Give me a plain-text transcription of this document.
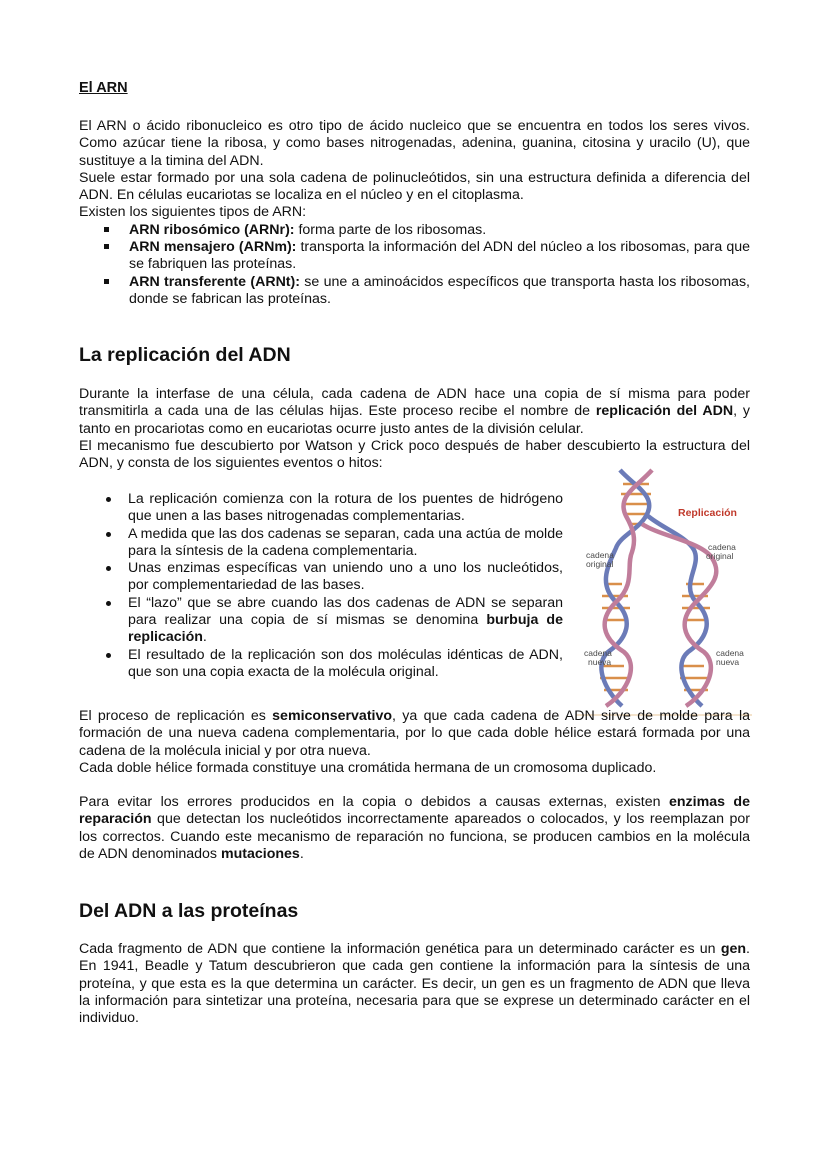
El ARN

El ARN o ácido ribonucleico es otro tipo de ácido nucleico que se encuentra en todos los seres vivos. Como azúcar tiene la ribosa, y como bases nitrogenadas, adenina, guanina, citosina y uracilo (U), que sustituye a la timina del ADN.

Suele estar formado por una sola cadena de polinucleótidos, sin una estructura definida a diferencia del ADN. En células eucariotas se localiza en el núcleo y en el citoplasma.

Existen los siguientes tipos de ARN:

ARN ribosómico (ARNr): forma parte de los ribosomas.
ARN mensajero (ARNm): transporta la información del ADN del núcleo a los ribosomas, para que se fabriquen las proteínas.
ARN transferente (ARNt): se une a aminoácidos específicos que transporta hasta los ribosomas, donde se fabrican las proteínas.
La replicación del ADN

Durante la interfase de una célula, cada cadena de ADN hace una copia de sí misma para poder transmitirla a cada una de las células hijas. Este proceso recibe el nombre de replicación del ADN, y tanto en procariotas como en eucariotas ocurre justo antes de la división celular.

El mecanismo fue descubierto por Watson y Crick poco después de haber descubierto la estructura del ADN, y consta de los siguientes eventos o hitos:

La replicación comienza con la rotura de los puentes de hidrógeno que unen a las bases nitrogenadas complementarias.
A medida que las dos cadenas se separan, cada una actúa de molde para la síntesis de la cadena complementaria.
Unas enzimas específicas van uniendo uno a uno los nucleótidos, por complementariedad de las bases.
El “lazo” que se abre cuando las dos cadenas de ADN se separan para realizar una copia de sí mismas se denomina burbuja de replicación.
El resultado de la replicación son dos moléculas idénticas de ADN, que son una copia exacta de la molécula original.
Replicación
cadena original
cadena original
cadena nueva
cadena nueva

El proceso de replicación es semiconservativo, ya que cada cadena de ADN sirve de molde para la formación de una nueva cadena complementaria, por lo que cada doble hélice estará formada por una cadena de la molécula inicial y por otra nueva.

Cada doble hélice formada constituye una cromátida hermana de un cromosoma duplicado.

Para evitar los errores producidos en la copia o debidos a causas externas, existen enzimas de reparación que detectan los nucleótidos incorrectamente apareados o colocados, y los reemplazan por los correctos. Cuando este mecanismo de reparación no funciona, se producen cambios en la molécula de ADN denominados mutaciones.

Del ADN a las proteínas

Cada fragmento de ADN que contiene la información genética para un determinado carácter es un gen. En 1941, Beadle y Tatum descubrieron que cada gen contiene la información para la síntesis de una proteína, y que esta es la que determina un carácter. Es decir, un gen es un fragmento de ADN que lleva la información para sintetizar una proteína, necesaria para que se exprese un determinado carácter en el individuo.
